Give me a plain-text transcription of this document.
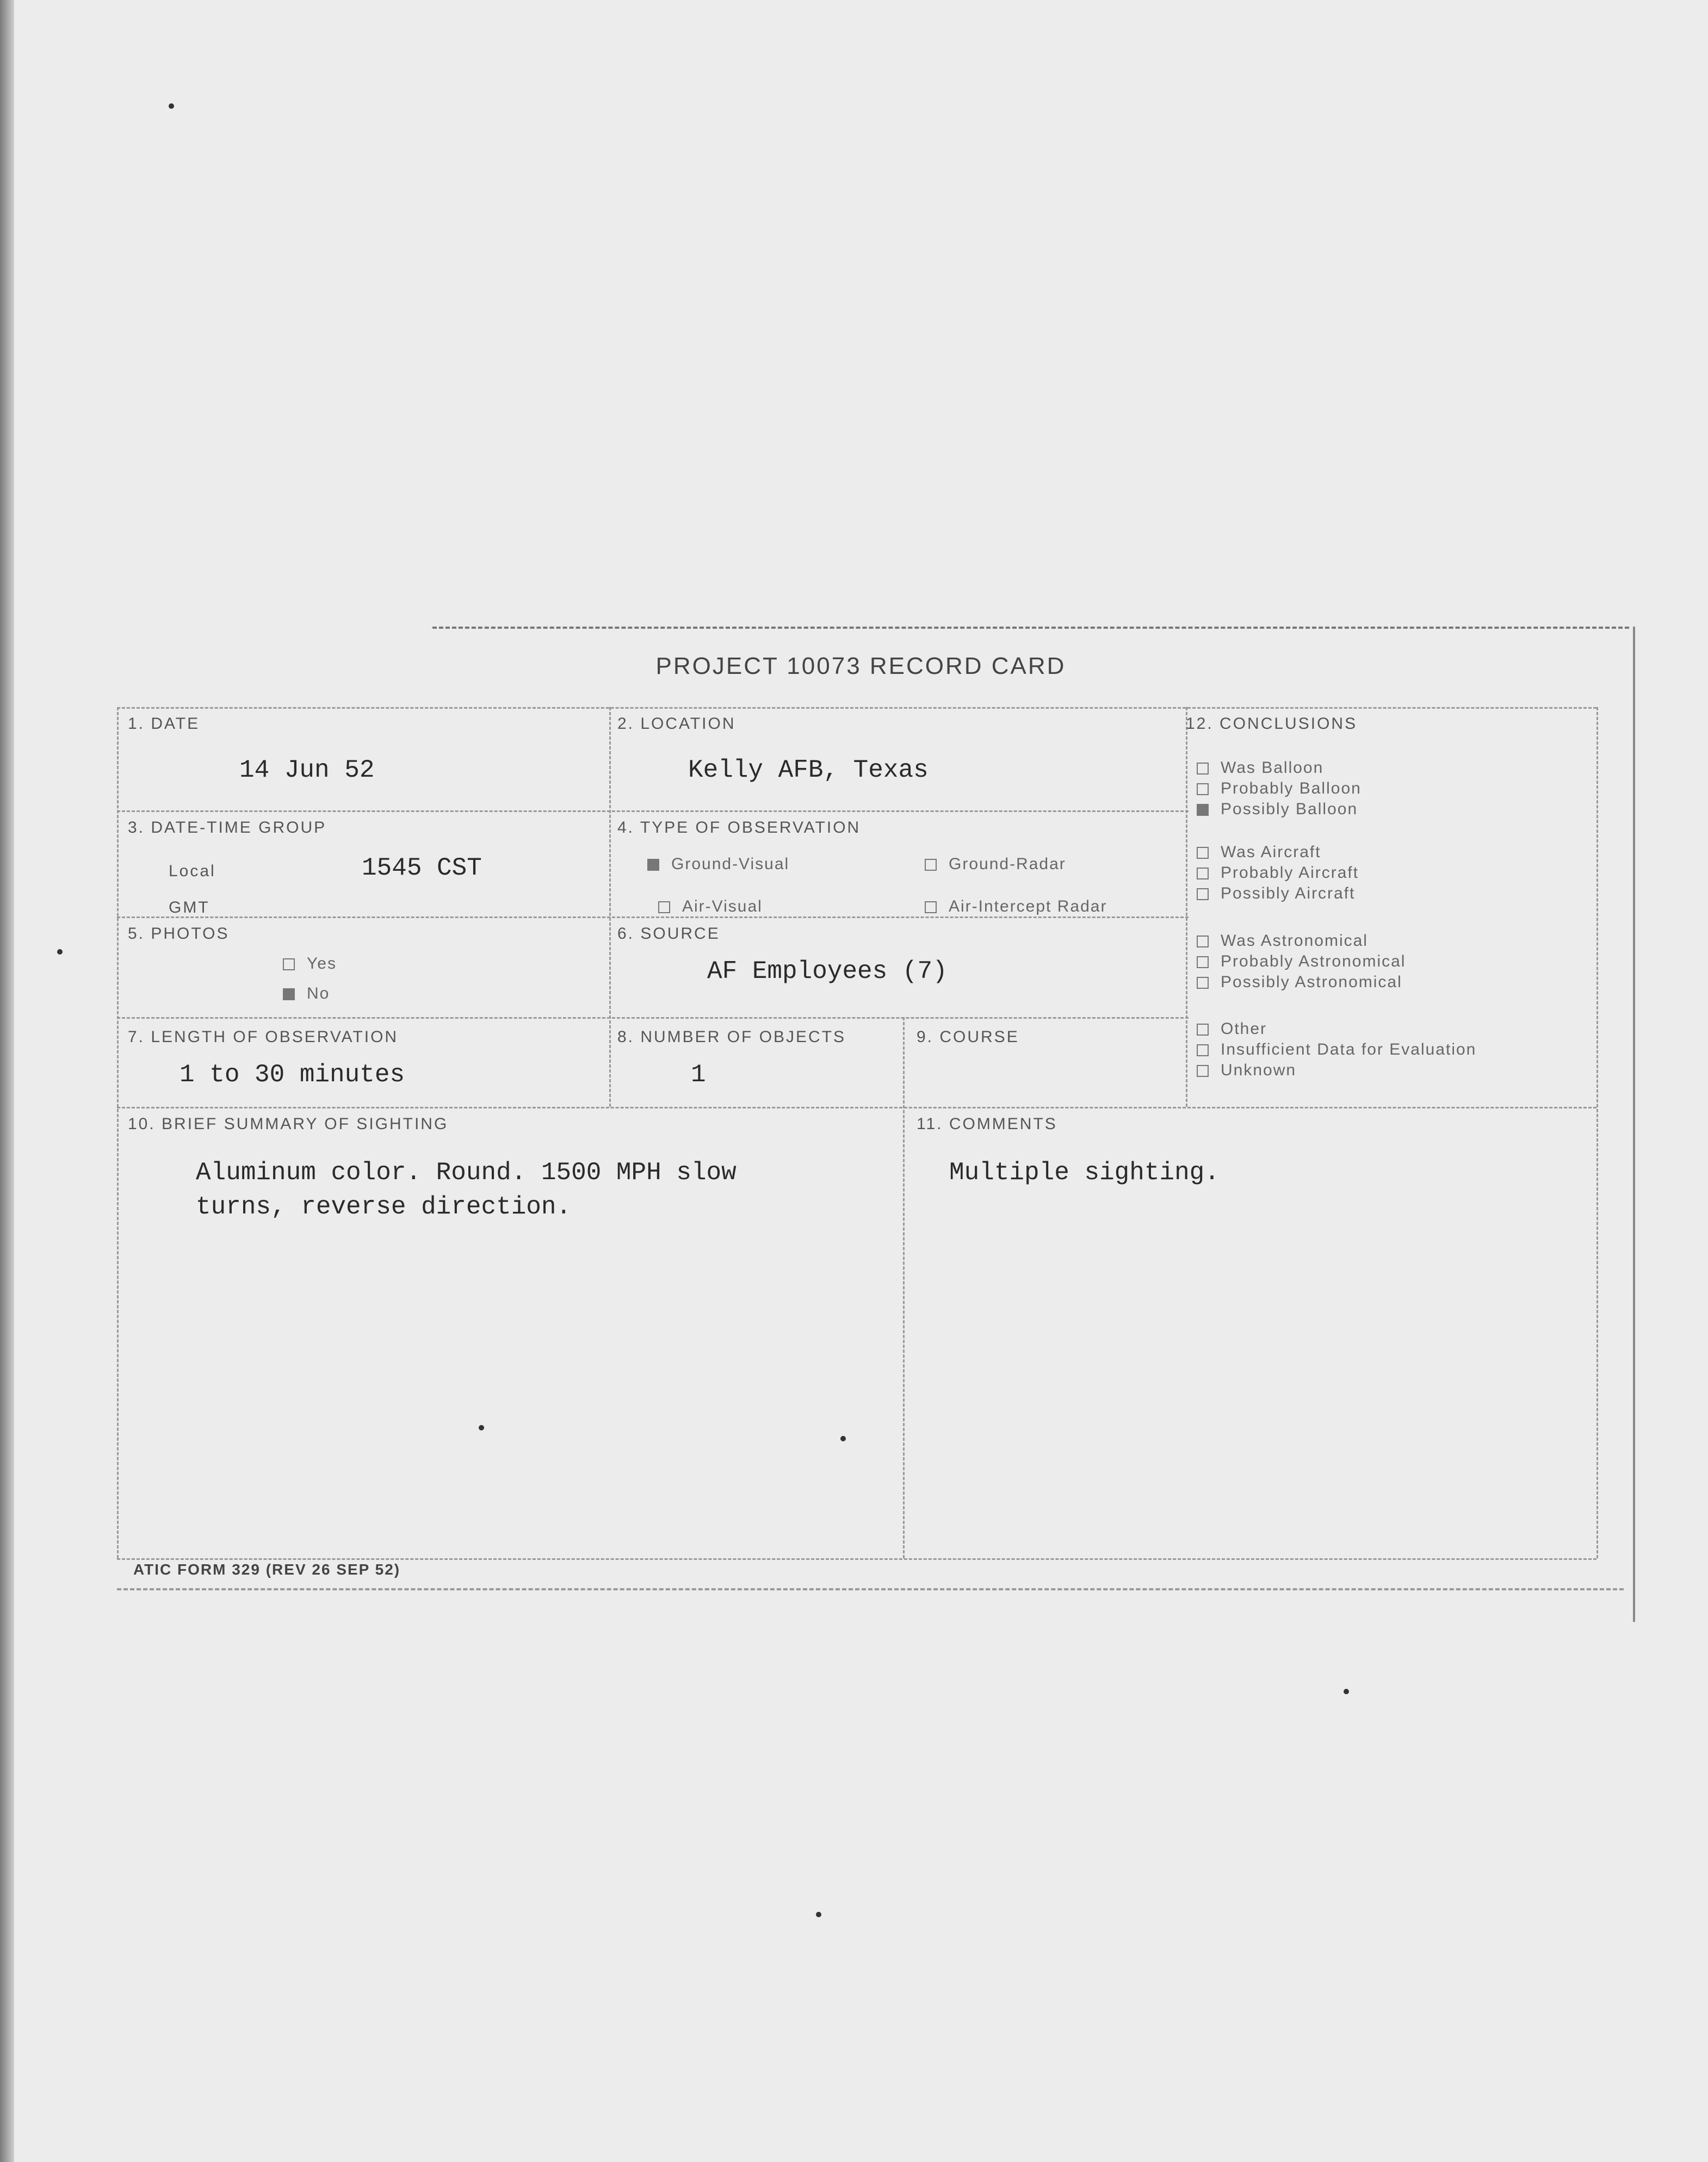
PROJECT 10073 RECORD CARD
1. DATE
14 Jun 52
2. LOCATION
Kelly AFB, Texas
3. DATE-TIME GROUP
Local	1545 CST
GMT
4. TYPE OF OBSERVATION
Ground-Visual	Ground-Radar
Air-Visual	Air-Intercept Radar
5. PHOTOS
Yes
No
6. SOURCE
AF Employees (7)
7. LENGTH OF OBSERVATION
1 to 30 minutes
8. NUMBER OF OBJECTS
1
9. COURSE
10. BRIEF SUMMARY OF SIGHTING
Aluminum color. Round. 1500 MPH slow
turns, reverse direction.
11. COMMENTS
Multiple sighting.
12. CONCLUSIONS
Was Balloon
Probably Balloon
Possibly Balloon
Was Aircraft
Probably Aircraft
Possibly Aircraft
Was Astronomical
Probably Astronomical
Possibly Astronomical
Other
Insufficient Data for Evaluation
Unknown
ATIC FORM 329 (REV 26 SEP 52)
